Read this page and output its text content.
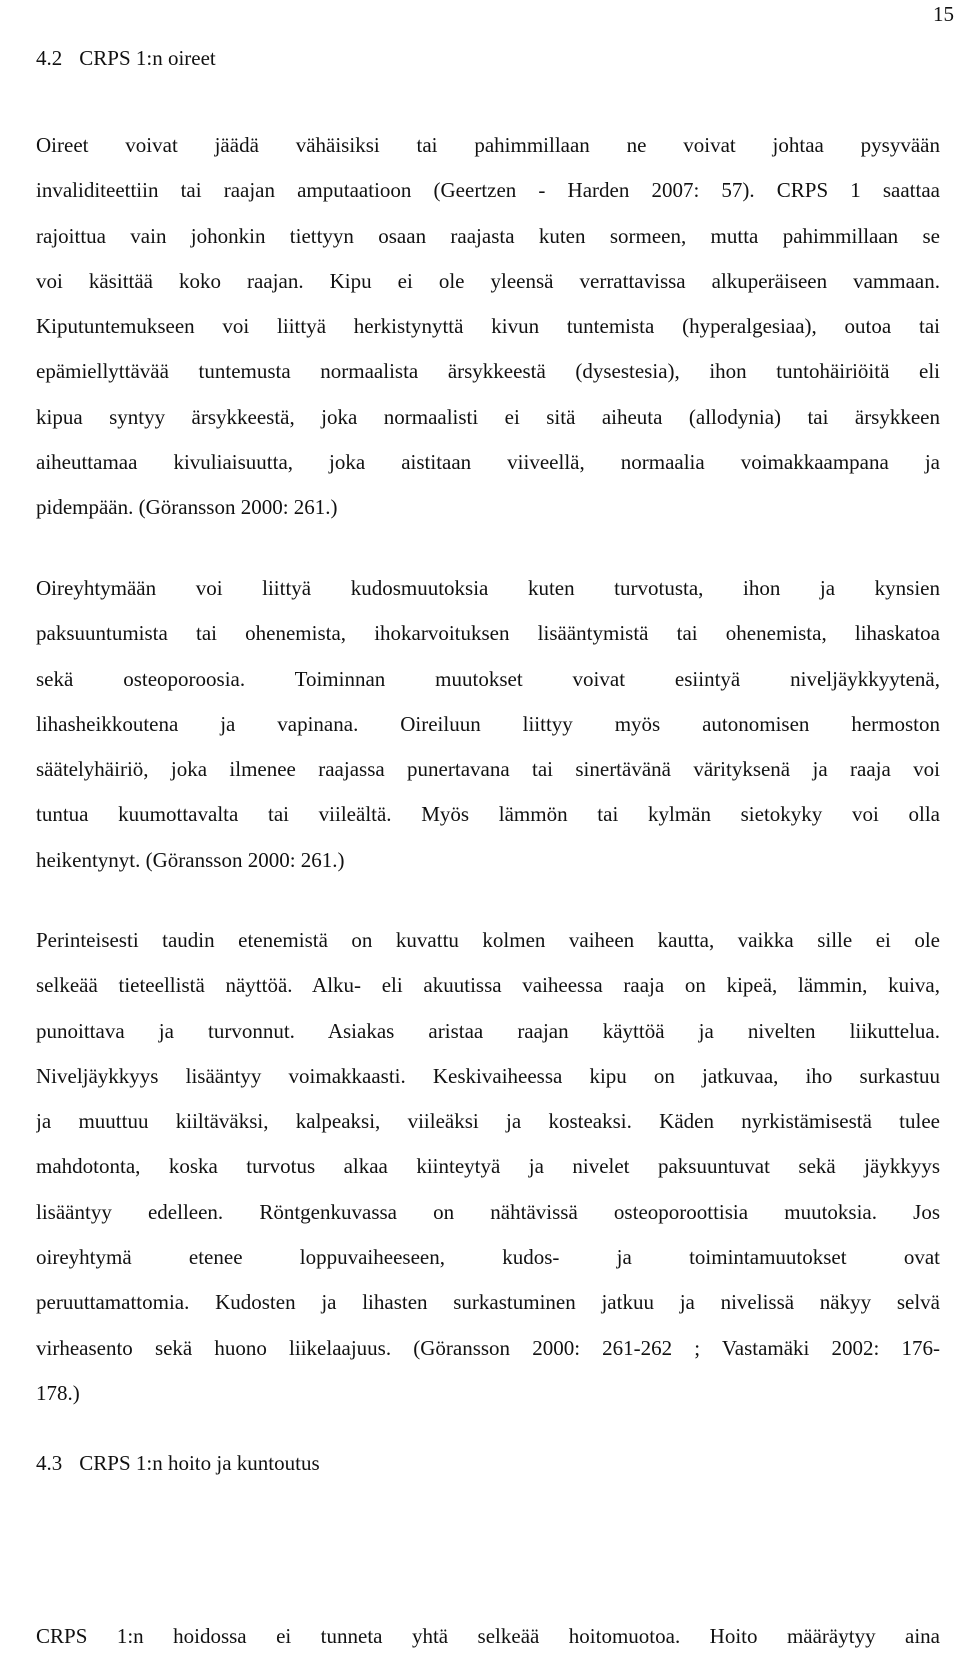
15
4.2 CRPS 1:n oireet
Oireet voivat jäädä vähäisiksi tai pahimmillaan ne voivat johtaa pysyvään
invaliditeettiin tai raajan amputaatioon (Geertzen - Harden 2007: 57). CRPS 1 saattaa
rajoittua vain johonkin tiettyyn osaan raajasta kuten sormeen, mutta pahimmillaan se
voi käsittää koko raajan. Kipu ei ole yleensä verrattavissa alkuperäiseen vammaan.
Kiputuntemukseen voi liittyä herkistynyttä kivun tuntemista (hyperalgesiaa), outoa tai
epämiellyttävää tuntemusta normaalista ärsykkeestä (dysestesia), ihon tuntohäiriöitä eli
kipua syntyy ärsykkeestä, joka normaalisti ei sitä aiheuta (allodynia) tai ärsykkeen
aiheuttamaa kivuliaisuutta, joka aistitaan viiveellä, normaalia voimakkaampana ja
pidempään. (Göransson 2000: 261.)
Oireyhtymään voi liittyä kudosmuutoksia kuten turvotusta, ihon ja kynsien
paksuuntumista tai ohenemista, ihokarvoituksen lisääntymistä tai ohenemista, lihaskatoa
sekä osteoporoosia. Toiminnan muutokset voivat esiintyä niveljäykkyytenä,
lihasheikkoutena ja vapinana. Oireiluun liittyy myös autonomisen hermoston
säätelyhäiriö, joka ilmenee raajassa punertavana tai sinertävänä värityksenä ja raaja voi
tuntua kuumottavalta tai viileältä. Myös lämmön tai kylmän sietokyky voi olla
heikentynyt. (Göransson 2000: 261.)
Perinteisesti taudin etenemistä on kuvattu kolmen vaiheen kautta, vaikka sille ei ole
selkeää tieteellistä näyttöä. Alku- eli akuutissa vaiheessa raaja on kipeä, lämmin, kuiva,
punoittava ja turvonnut. Asiakas aristaa raajan käyttöä ja nivelten liikuttelua.
Niveljäykkyys lisääntyy voimakkaasti. Keskivaiheessa kipu on jatkuvaa, iho surkastuu
ja muuttuu kiiltäväksi, kalpeaksi, viileäksi ja kosteaksi. Käden nyrkistämisestä tulee
mahdotonta, koska turvotus alkaa kiinteytyä ja nivelet paksuuntuvat sekä jäykkyys
lisääntyy edelleen. Röntgenkuvassa on nähtävissä osteoporoottisia muutoksia. Jos
oireyhtymä etenee loppuvaiheeseen, kudos- ja toimintamuutokset ovat
peruuttamattomia. Kudosten ja lihasten surkastuminen jatkuu ja nivelissä näkyy selvä
virheasento sekä huono liikelaajuus. (Göransson 2000: 261-262 ; Vastamäki 2002: 176-
178.)
4.3 CRPS 1:n hoito ja kuntoutus
CRPS 1:n hoidossa ei tunneta yhtä selkeää hoitomuotoa. Hoito määräytyy aina
